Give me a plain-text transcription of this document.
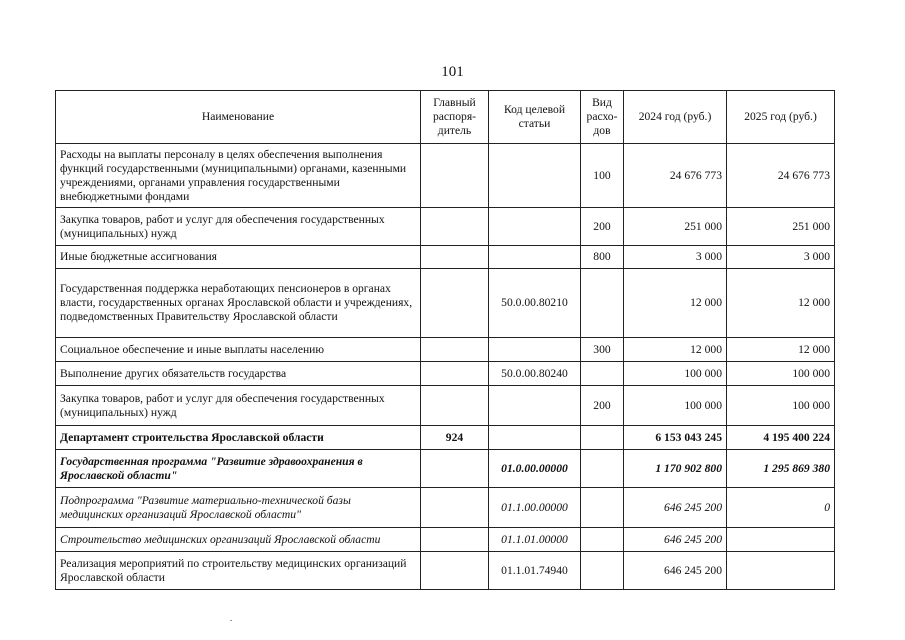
101
Наименование	Главный распоря-дитель	Код целевой статьи	Вид расхо-дов	2024 год (руб.)	2025 год (руб.)
Расходы на выплаты персоналу в целях обеспечения выполнения функций государственными (муниципальными) органами, казенными учреждениями, органами управления государственными внебюджетными фондами			100	24 676 773	24 676 773
Закупка товаров, работ и услуг для обеспечения государственных (муниципальных) нужд			200	251 000	251 000
Иные бюджетные ассигнования			800	3 000	3 000
Государственная поддержка неработающих пенсионеров в органах власти, государственных органах Ярославской области и учреждениях, подведомственных Правительству Ярославской области		50.0.00.80210		12 000	12 000
Социальное обеспечение и иные выплаты населению			300	12 000	12 000
Выполнение других обязательств государства		50.0.00.80240		100 000	100 000
Закупка товаров, работ и услуг для обеспечения государственных (муниципальных) нужд			200	100 000	100 000
Департамент строительства Ярославской области	924			6 153 043 245	4 195 400 224
Государственная программа "Развитие здравоохранения в Ярославской области"		01.0.00.00000		1 170 902 800	1 295 869 380
Подпрограмма "Развитие материально-технической базы медицинских организаций Ярославской области"		01.1.00.00000		646 245 200	0
Строительство медицинских организаций Ярославской области		01.1.01.00000		646 245 200	
Реализация мероприятий по строительству медицинских организаций Ярославской области		01.1.01.74940		646 245 200	
